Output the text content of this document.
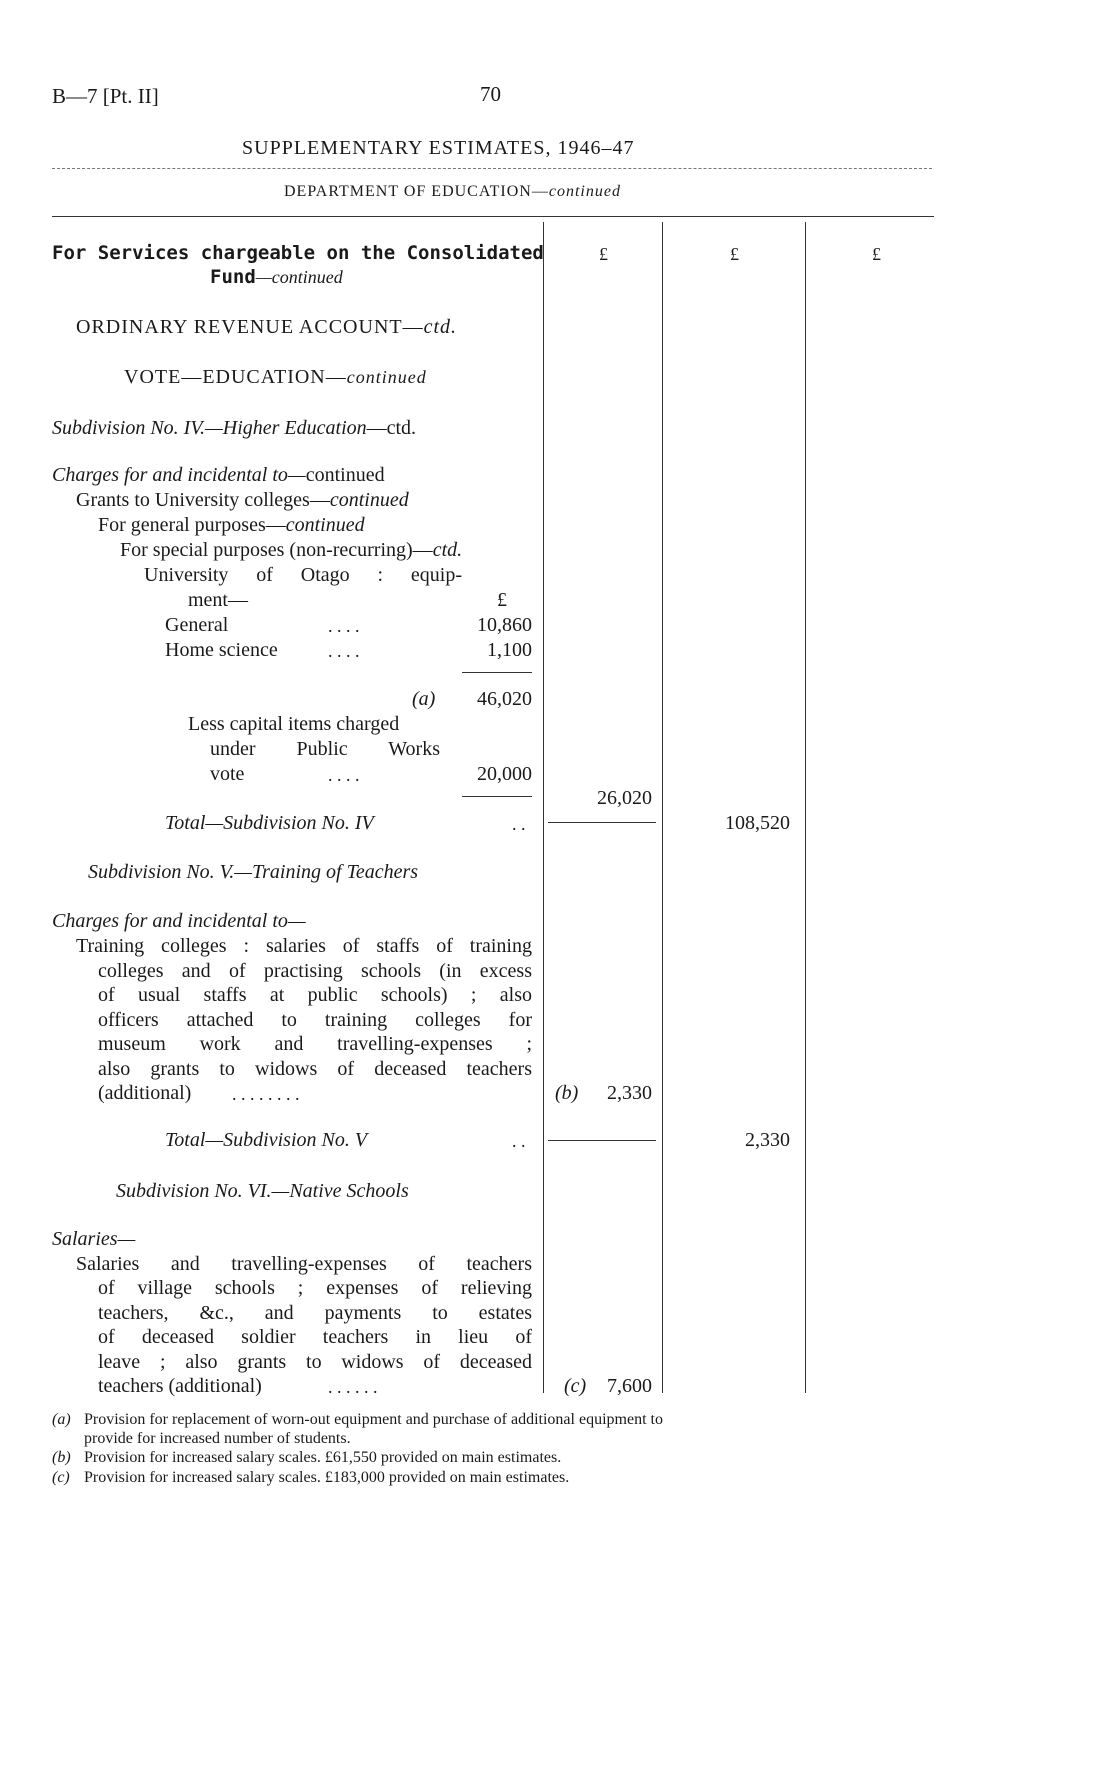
B—7 [Pt. II]	70
SUPPLEMENTARY ESTIMATES, 1946–47
DEPARTMENT OF EDUCATION—continued
For Services chargeable on the Consolidated
Fund—continued
£	£	£
ORDINARY REVENUE ACCOUNT—ctd.
VOTE—EDUCATION—continued
Subdivision No. IV.—Higher Education—ctd.
Charges for and incidental to—continued
Grants to University colleges—continued
For general purposes—continued
For special purposes (non-recurring)—ctd.
University of Otago : equip-
ment—	£
General	. . . .	10,860
Home science	. . . .	1,100
(a)	46,020
Less capital items charged
under Public Works
vote	. . . .	20,000
26,020
Total—Subdivision No. IV	. .	108,520
Subdivision No. V.—Training of Teachers
Charges for and incidental to—
Training colleges : salaries of staffs of training
colleges and of practising schools (in excess
of usual staffs at public schools) ; also
officers attached to training colleges for
museum work and travelling-expenses ;
also grants to widows of deceased teachers
(additional) . . . . . . . .	(b)	2,330
Total—Subdivision No. V	. .	2,330
Subdivision No. VI.—Native Schools
Salaries—
Salaries and travelling-expenses of teachers
of village schools ; expenses of relieving
teachers, &c., and payments to estates
of deceased soldier teachers in lieu of
leave ; also grants to widows of deceased
teachers (additional)	. . . . . .	(c)	7,600
(a) Provision for replacement of worn-out equipment and purchase of additional equipment to
provide for increased number of students.
(b) Provision for increased salary scales. £61,550 provided on main estimates.
(c) Provision for increased salary scales. £183,000 provided on main estimates.
